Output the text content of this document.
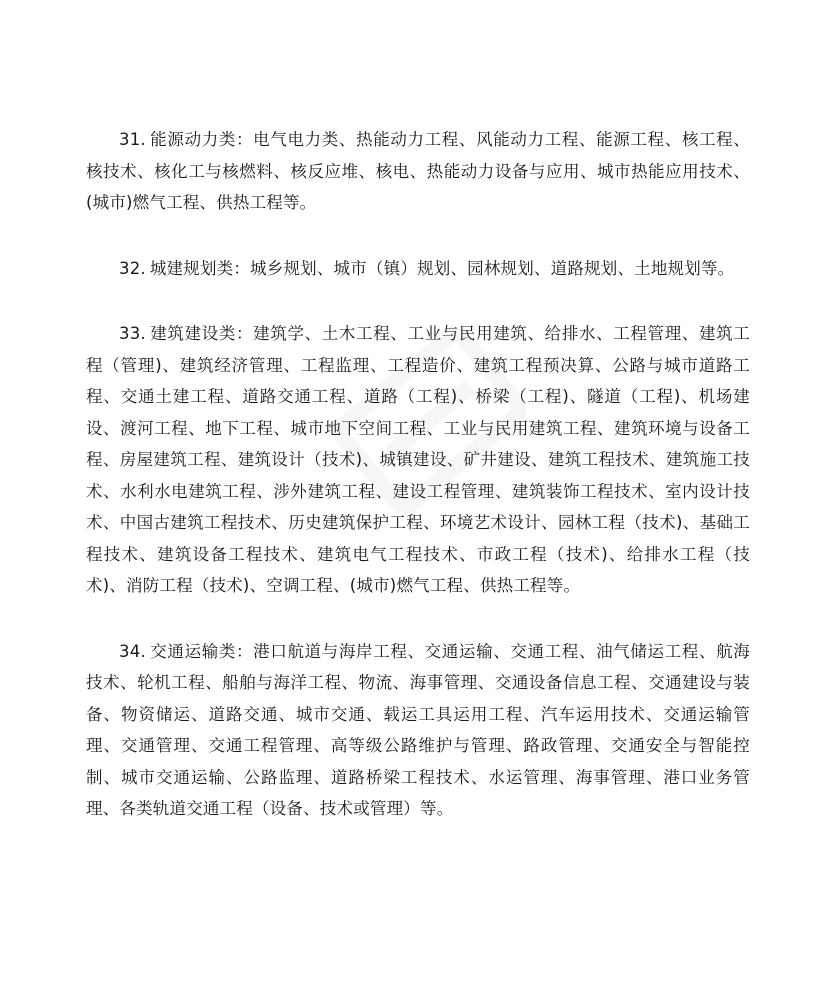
31. 能源动力类：电气电力类、热能动力工程、风能动力工程、能源工程、核工程、核技术、核化工与核燃料、核反应堆、核电、热能动力设备与应用、城市热能应用技术、(城市)燃气工程、供热工程等。

32. 城建规划类：城乡规划、城市（镇）规划、园林规划、道路规划、土地规划等。

33. 建筑建设类：建筑学、土木工程、工业与民用建筑、给排水、工程管理、建筑工程（管理)、建筑经济管理、工程监理、工程造价、建筑工程预决算、公路与城市道路工程、交通土建工程、道路交通工程、道路（工程)、桥梁（工程)、隧道（工程)、机场建设、渡河工程、地下工程、城市地下空间工程、工业与民用建筑工程、建筑环境与设备工程、房屋建筑工程、建筑设计（技术)、城镇建设、矿井建设、建筑工程技术、建筑施工技术、水利水电建筑工程、涉外建筑工程、建设工程管理、建筑装饰工程技术、室内设计技术、中国古建筑工程技术、历史建筑保护工程、环境艺术设计、园林工程（技术)、基础工程技术、建筑设备工程技术、建筑电气工程技术、市政工程（技术)、给排水工程（技术)、消防工程（技术)、空调工程、(城市)燃气工程、供热工程等。

34. 交通运输类：港口航道与海岸工程、交通运输、交通工程、油气储运工程、航海技术、轮机工程、船舶与海洋工程、物流、海事管理、交通设备信息工程、交通建设与装备、物资储运、道路交通、城市交通、载运工具运用工程、汽车运用技术、交通运输管理、交通管理、交通工程管理、高等级公路维护与管理、路政管理、交通安全与智能控制、城市交通运输、公路监理、道路桥梁工程技术、水运管理、海事管理、港口业务管理、各类轨道交通工程（设备、技术或管理）等。
